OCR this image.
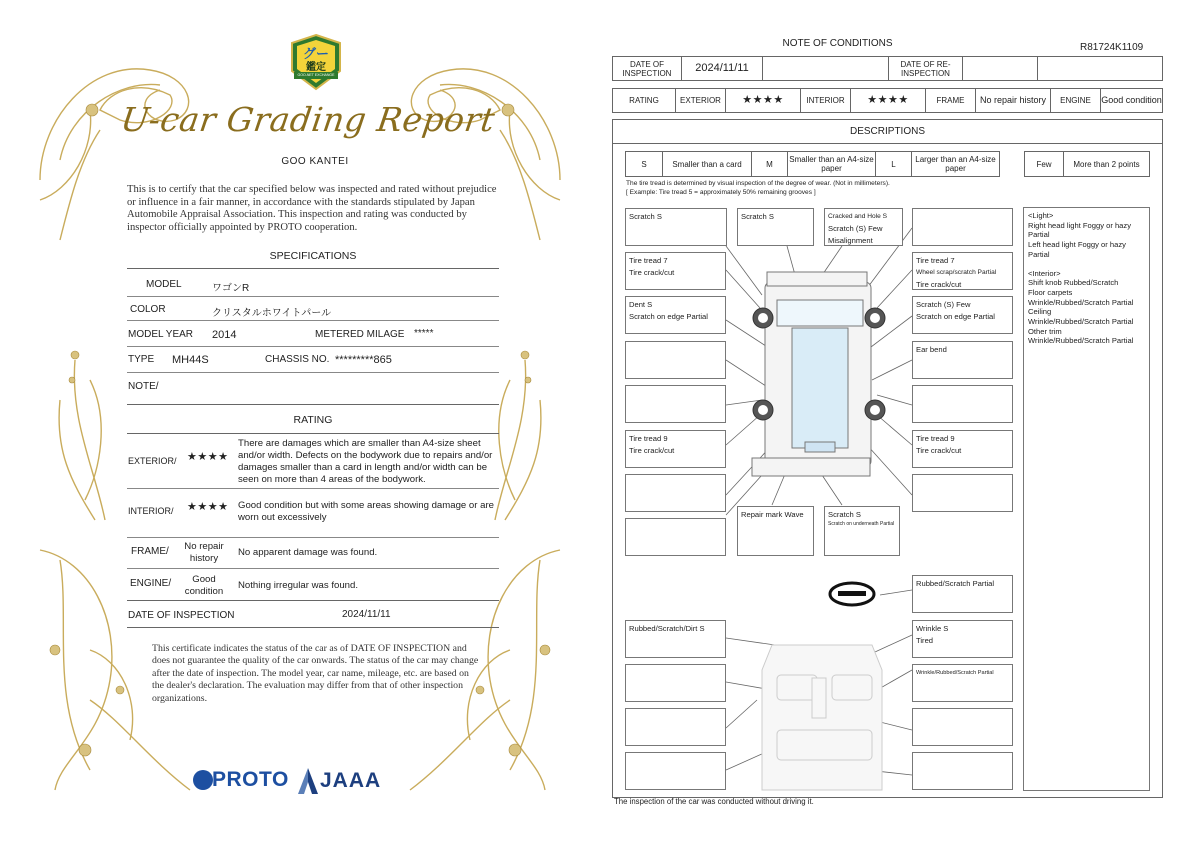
グー
鑑定
GOO-NET EXCHANGE
U-car Grading Report
GOO KANTEI
This is to certify that the car specified below was inspected and rated without prejudice or influence in a fair manner, in accordance with the standards stipulated by Japan Automobile Appraisal Association. This inspection and rating was conducted by inspector officially appointed by PROTO cooperation.
SPECIFICATIONS
MODEL	ワゴンR
COLOR	クリスタルホワイトパール
MODEL YEAR 2014	METERED MILAGE *****
TYPE MH44S	CHASSIS NO. *********865
NOTE/
RATING
EXTERIOR/ ★★★★
There are damages which are smaller than A4-size sheet and/or width. Defects on the bodywork due to repairs and/or damages smaller than a card in length and/or width can be seen on more than 4 areas of the bodywork.
INTERIOR/ ★★★★ Good condition but with some areas showing damage or are worn out excessively
FRAME/	No repair history
No apparent damage was found.
ENGINE/	Good condition
Nothing irregular was found.
DATE OF INSPECTION	2024/11/11
This certificate indicates the status of the car as of DATE OF INSPECTION and does not guarantee the quality of the car onwards. The status of the car may change after the date of inspection. The model year, car name, mileage, etc. are based on the dealer's declaration. The evaluation may differ from that of other inspection organizations.
PROTO JAAA
NOTE OF CONDITIONS	R81724K1109
DATE OF INSPECTION	2024/11/11	DATE OF RE-INSPECTION
RATING	EXTERIOR	★★★★	INTERIOR	★★★★	FRAME	No repair history	ENGINE	Good condition
DESCRIPTIONS
S	Smaller than a card	M	Smaller than an A4-size paper	L	Larger than an A4-size paper	Few	More than 2 points
The tire tread is determined by visual inspection of the degree of wear. (Not in millimeters).
[ Example: Tire tread 5 = approximately 50% remaining grooves ]
Scratch S	Scratch S	Cracked and Hole S
Scratch (S) Few
Misalignment
Tire tread 7
Tire crack/cut
Tire tread 7
Wheel scrap/scratch Partial
Tire crack/cut
Dent S
Scratch on edge Partial
Scratch (S) Few
Scratch on edge Partial
Ear bend
Tire tread 9
Tire crack/cut
Tire tread 9
Tire crack/cut
Repair mark Wave	Scratch S
Scratch on underneath Partial
Rubbed/Scratch Partial
Rubbed/Scratch/Dirt S	Wrinkle S
Tired
Wrinkle/Rubbed/Scratch Partial
<Light>
Right head light Foggy or hazy Partial
Left head light Foggy or hazy Partial
<Interior>
Shift knob Rubbed/Scratch
Floor carpets
Wrinkle/Rubbed/Scratch Partial
Ceiling
Wrinkle/Rubbed/Scratch Partial
Other trim
Wrinkle/Rubbed/Scratch Partial
The inspection of the car was conducted without driving it.
